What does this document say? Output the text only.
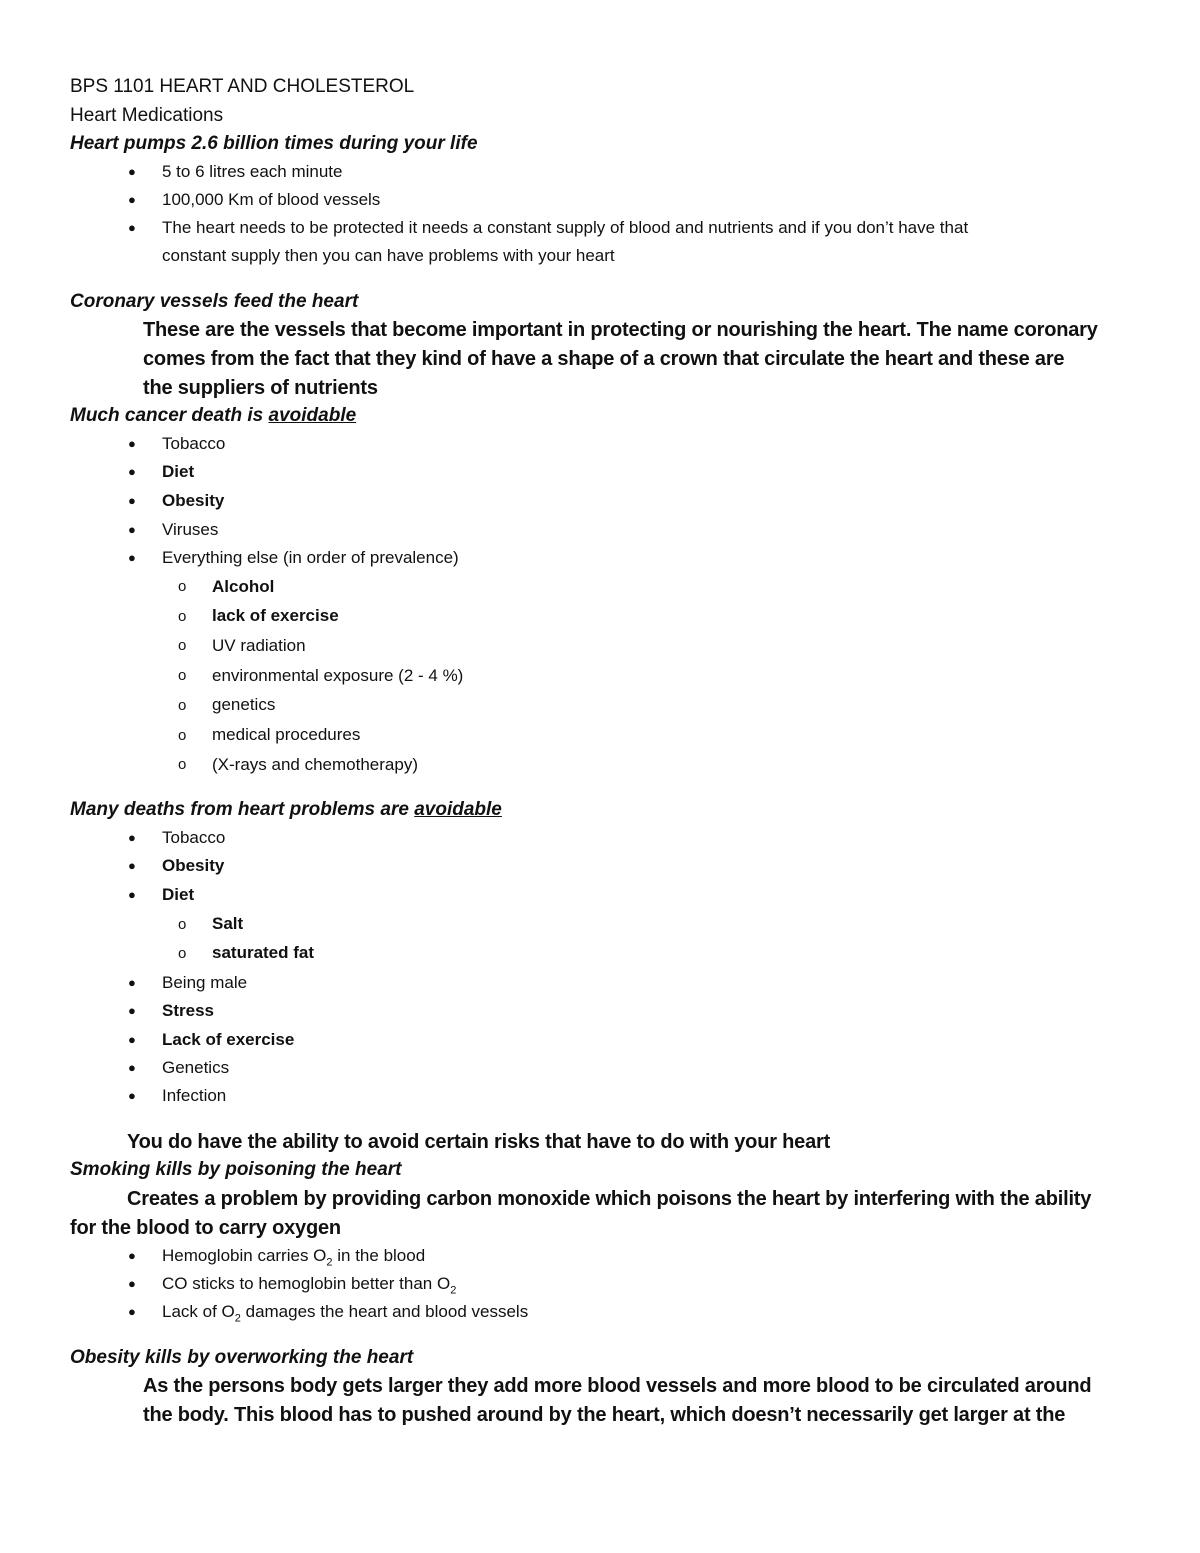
BPS 1101 HEART AND CHOLESTEROL
Heart Medications
Heart pumps 2.6 billion times during your life
● 5 to 6 litres each minute
● 100,000 Km of blood vessels
● The heart needs to be protected it needs a constant supply of blood and nutrients and if you don’t have that
constant supply then you can have problems with your heart
Coronary vessels feed the heart
These are the vessels that become important in protecting or nourishing the heart. The name coronary
comes from the fact that they kind of have a shape of a crown that circulate the heart and these are
the suppliers of nutrients
Much cancer death is avoidable
● Tobacco
● Diet
● Obesity
● Viruses
● Everything else (in order of prevalence)
o Alcohol
o lack of exercise
o UV radiation
o environmental exposure (2 - 4 %)
o genetics
o medical procedures
o (X-rays and chemotherapy)
Many deaths from heart problems are avoidable
● Tobacco
● Obesity
● Diet
o Salt
o saturated fat
● Being male
● Stress
● Lack of exercise
● Genetics
● Infection
You do have the ability to avoid certain risks that have to do with your heart
Smoking kills by poisoning the heart
Creates a problem by providing carbon monoxide which poisons the heart by interfering with the ability
for the blood to carry oxygen
● Hemoglobin carries $O_2$ in the blood
● CO sticks to hemoglobin better than $O_2$
● Lack of $O_2$ damages the heart and blood vessels
Obesity kills by overworking the heart
As the persons body gets larger they add more blood vessels and more blood to be circulated around
the body. This blood has to pushed around by the heart, which doesn’t necessarily get larger at the
